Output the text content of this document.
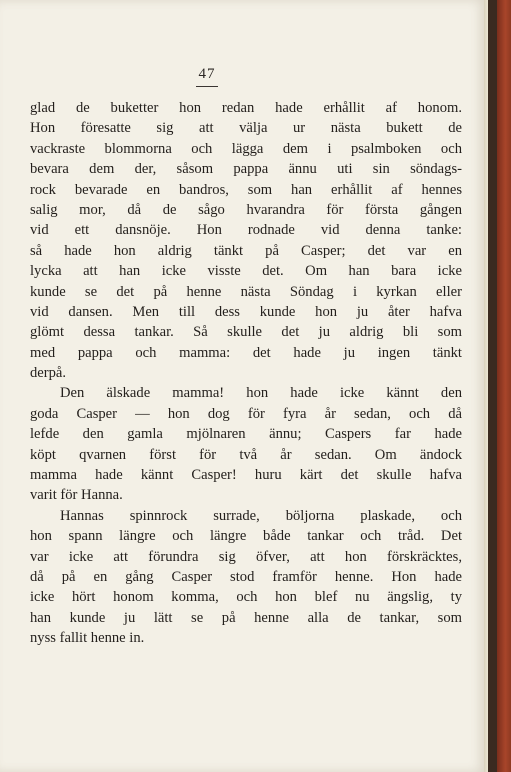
47
glad de buketter hon redan hade erhållit af honom.
Hon föresatte sig att välja ur nästa bukett de
vackraste blommorna och lägga dem i psalmboken och
bevara dem der, såsom pappa ännu uti sin söndags-
rock bevarade en bandros, som han erhållit af hennes
salig mor, då de sågo hvarandra för första gången
vid ett dansnöje. Hon rodnade vid denna tanke:
så hade hon aldrig tänkt på Casper; det var en
lycka att han icke visste det. Om han bara icke
kunde se det på henne nästa Söndag i kyrkan eller
vid dansen. Men till dess kunde hon ju åter hafva
glömt dessa tankar. Så skulle det ju aldrig bli som
med pappa och mamma: det hade ju ingen tänkt
derpå.
Den älskade mamma! hon hade icke kännt den
goda Casper — hon dog för fyra år sedan, och då
lefde den gamla mjölnaren ännu; Caspers far hade
köpt qvarnen först för två år sedan. Om ändock
mamma hade kännt Casper! huru kärt det skulle hafva
varit för Hanna.
Hannas spinnrock surrade, böljorna plaskade, och
hon spann längre och längre både tankar och tråd. Det
var icke att förundra sig öfver, att hon förskräcktes,
då på en gång Casper stod framför henne. Hon hade
icke hört honom komma, och hon blef nu ängslig, ty
han kunde ju lätt se på henne alla de tankar, som
nyss fallit henne in.
